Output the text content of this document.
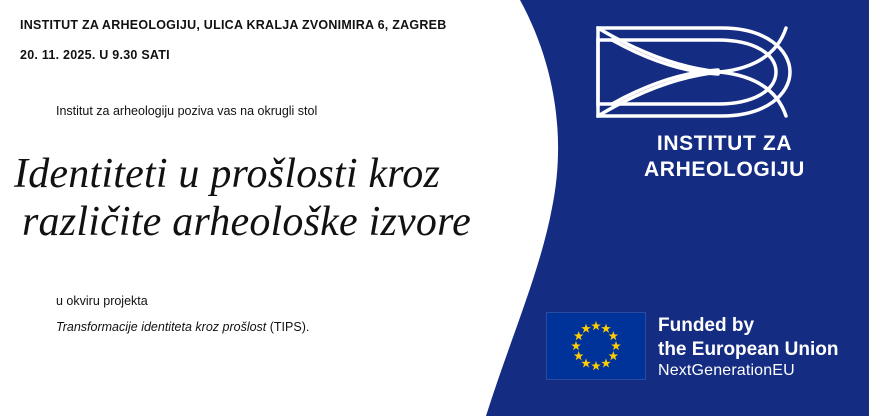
INSTITUT ZA ARHEOLOGIJU, ULICA KRALJA ZVONIMIRA 6, ZAGREB
20. 11. 2025. U 9.30 SATI
Institut za arheologiju poziva vas na okrugli stol
Identiteti u prošlosti kroz
različite arheološke izvore
u okviru projekta
Transformacije identiteta kroz prošlost (TIPS).
INSTITUT ZA
ARHEOLOGIJU
Funded by
the European Union
NextGenerationEU
